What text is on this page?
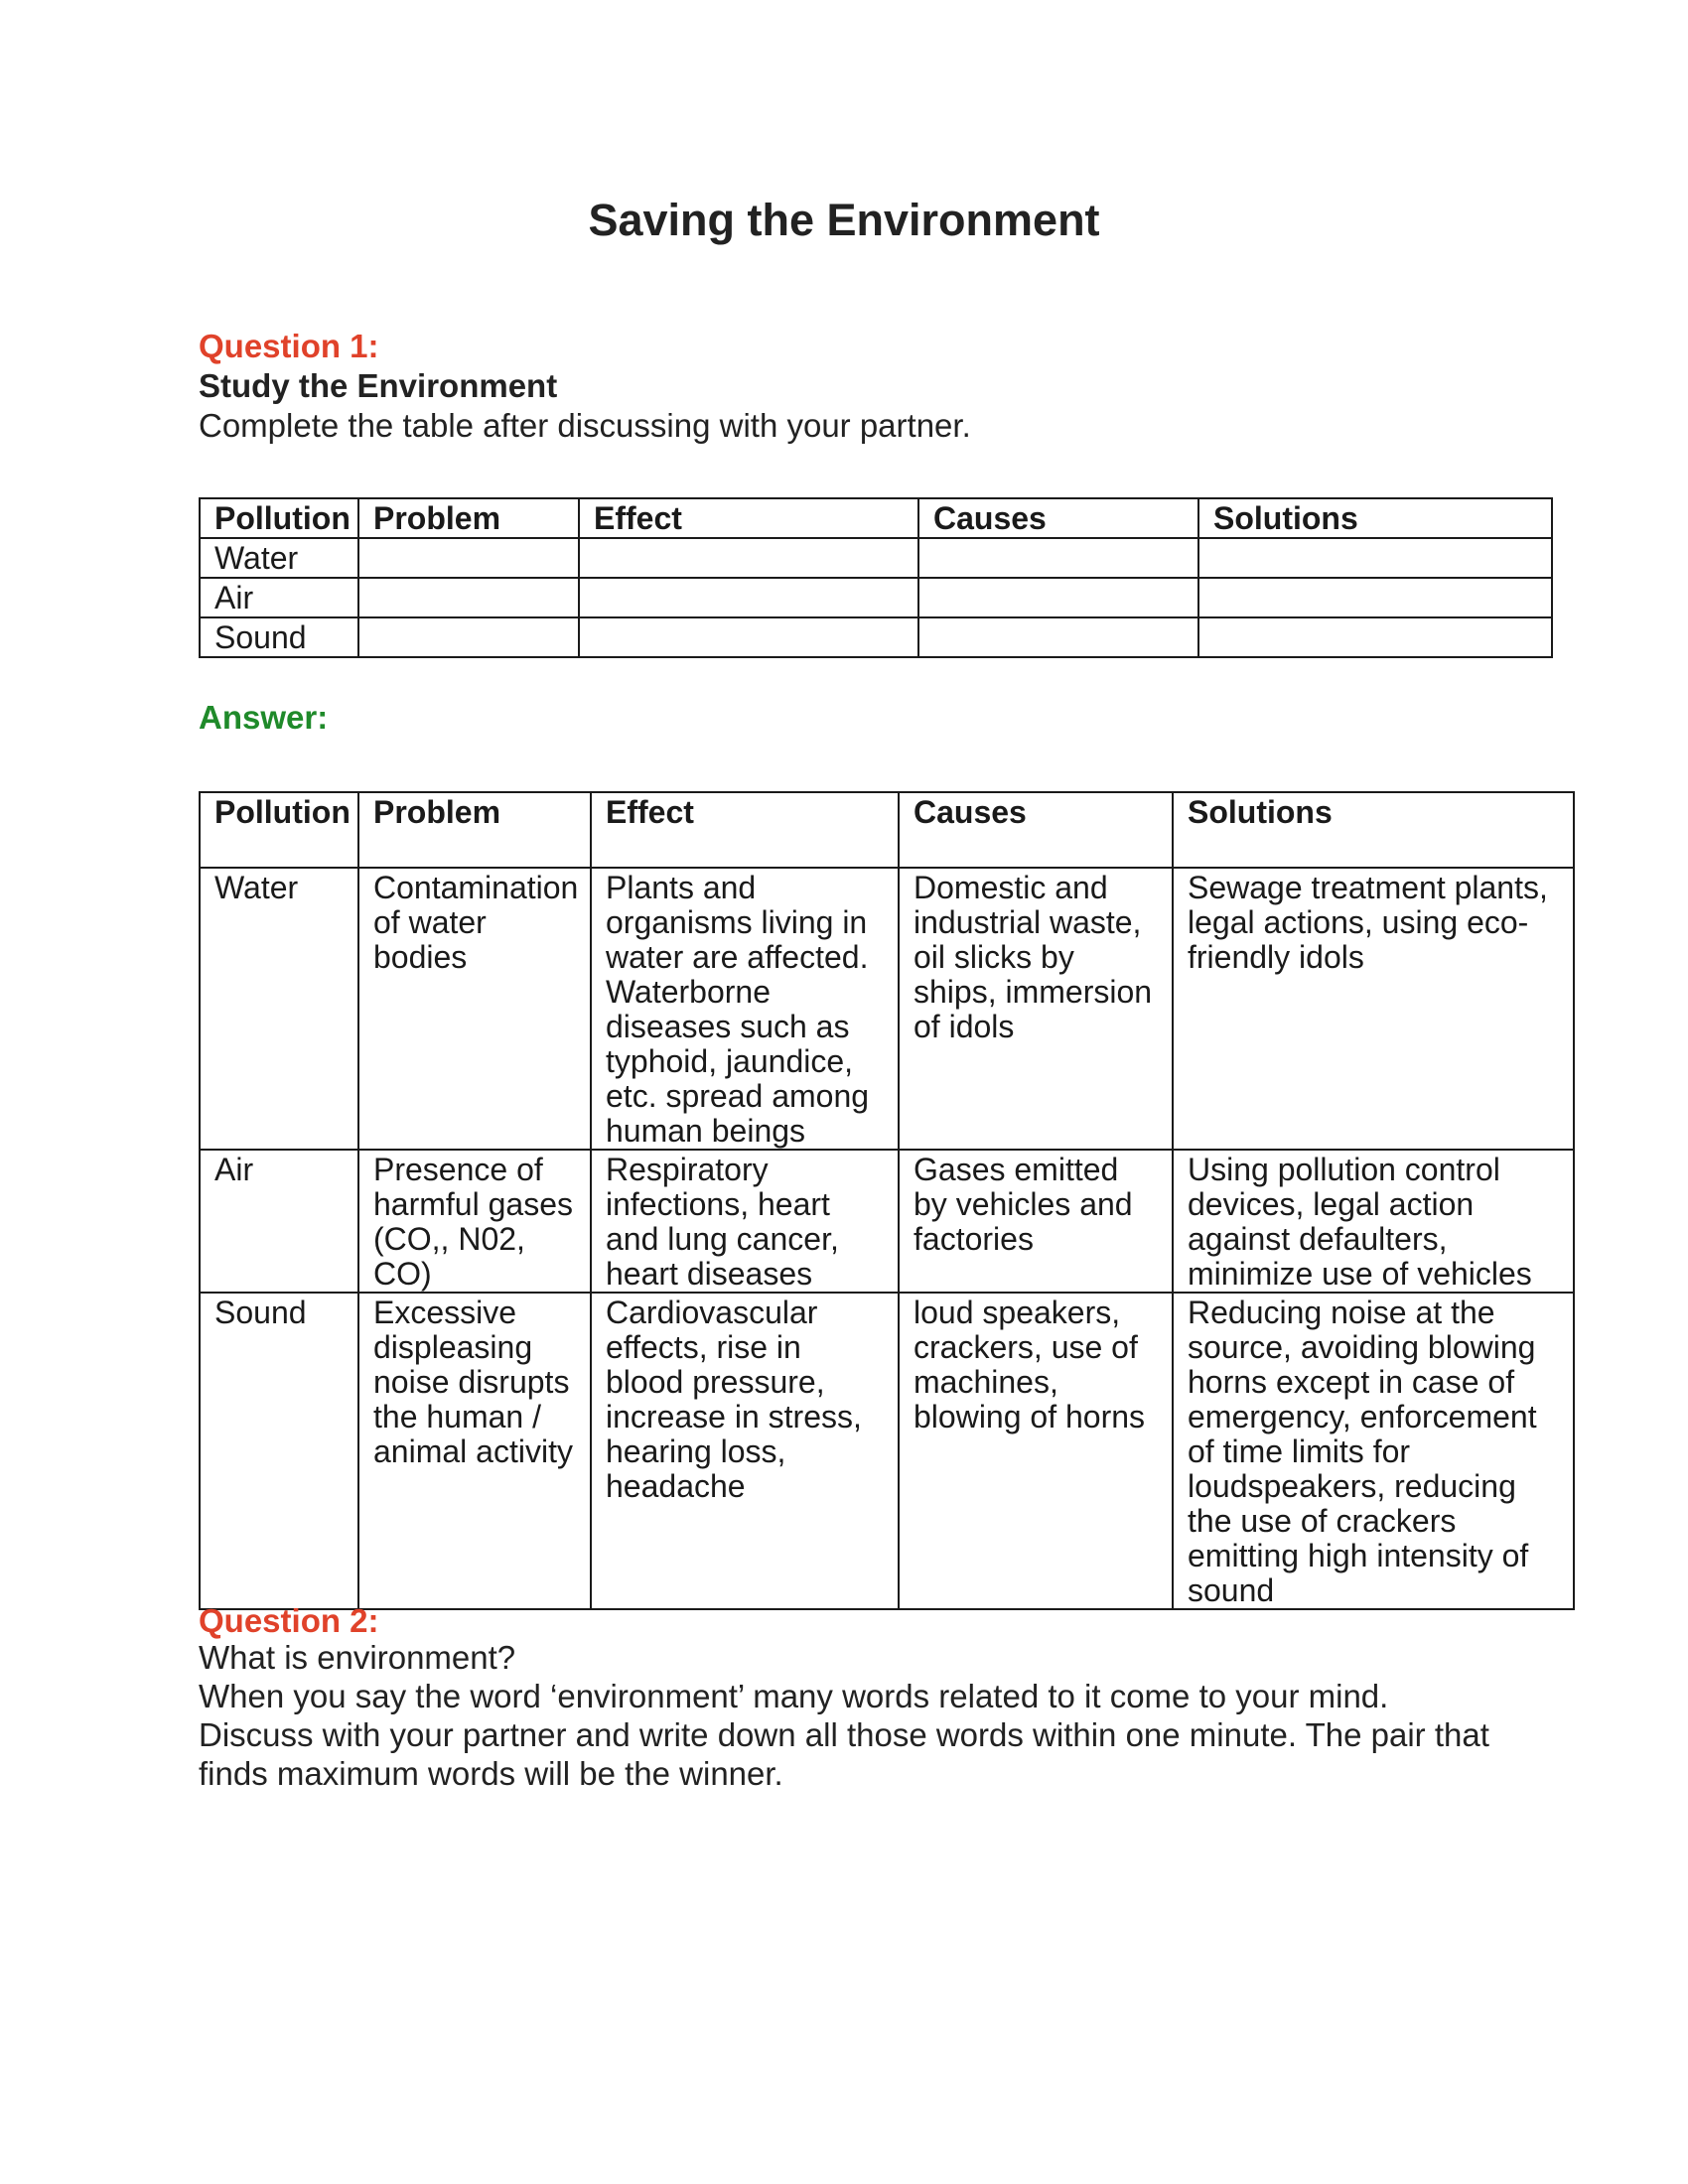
Saving the Environment
Question 1:
Study the Environment
Complete the table after discussing with your partner.
Pollution	Problem	Effect	Causes	Solutions
Water				
Air				
Sound				
Answer:
Pollution	Problem	Effect	Causes	Solutions
Water	Contamination of water bodies	Plants and organisms living in water are affected. Waterborne diseases such as typhoid, jaundice, etc. spread among human beings	Domestic and industrial waste, oil slicks by ships, immersion of idols	Sewage treatment plants, legal actions, using eco-friendly idols
Air	Presence of harmful gases (CO,, N02, CO)	Respiratory infections, heart and lung cancer, heart diseases	Gases emitted by vehicles and factories	Using pollution control devices, legal action against defaulters, minimize use of vehicles
Sound	Excessive displeasing noise disrupts the human / animal activity	Cardiovascular effects, rise in blood pressure, increase in stress, hearing loss, headache	loud speakers, crackers, use of machines, blowing of horns	Reducing noise at the source, avoiding blowing horns except in case of emergency, enforcement of time limits for loudspeakers, reducing the use of crackers emitting high intensity of sound
Question 2:

What is environment?

When you say the word ‘environment’ many words related to it come to your mind. Discuss with your partner and write down all those words within one minute. The pair that finds maximum words will be the winner.
